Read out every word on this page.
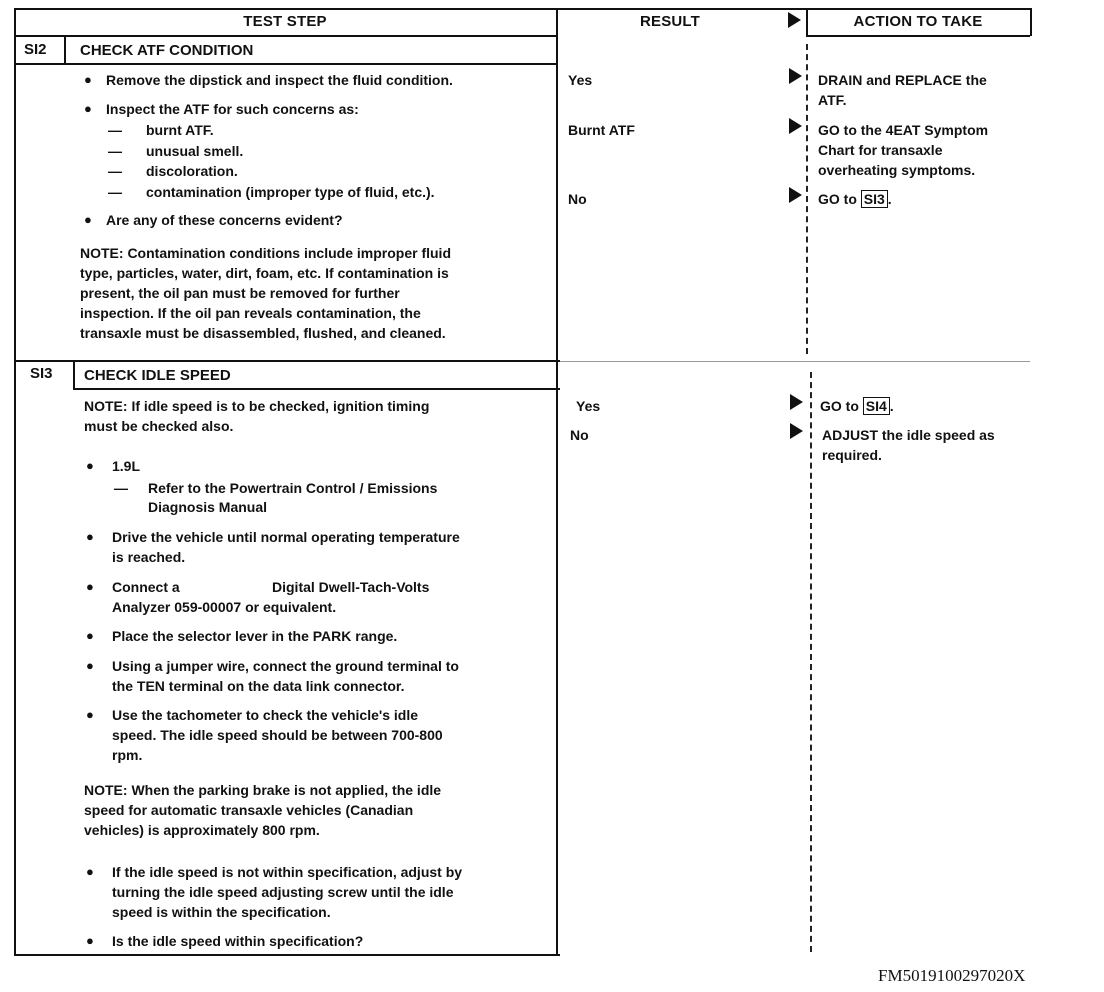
TEST STEP	RESULT	ACTION TO TAKE
SI2 CHECK ATF CONDITION
● Remove the dipstick and inspect the fluid condition.
● Inspect the ATF for such concerns as:
— burnt ATF.
— unusual smell.
— discoloration.
— contamination (improper type of fluid, etc.).
● Are any of these concerns evident?
NOTE: Contamination conditions include improper fluid
type, particles, water, dirt, foam, etc. If contamination is
present, the oil pan must be removed for further
inspection. If the oil pan reveals contamination, the
transaxle must be disassembled, flushed, and cleaned.
Yes	DRAIN and REPLACE the
ATF.
Burnt ATF	GO to the 4EAT Symptom
Chart for transaxle
overheating symptoms.
No	GO to SI3 .
SI3 CHECK IDLE SPEED
NOTE: If idle speed is to be checked, ignition timing
must be checked also.
● 1.9L
— Refer to the Powertrain Control / Emissions
Diagnosis Manual
● Drive the vehicle until normal operating temperature
is reached.
● Connect a	Digital Dwell-Tach-Volts
Analyzer 059-00007 or equivalent.
● Place the selector lever in the PARK range.
● Using a jumper wire, connect the ground terminal to
the TEN terminal on the data link connector.
● Use the tachometer to check the vehicle's idle
speed. The idle speed should be between 700-800
rpm.
NOTE: When the parking brake is not applied, the idle
speed for automatic transaxle vehicles (Canadian
vehicles) is approximately 800 rpm.
● If the idle speed is not within specification, adjust by
turning the idle speed adjusting screw until the idle
speed is within the specification.
● Is the idle speed within specification?
Yes	GO to SI4 .
No	ADJUST the idle speed as
required.
FM5019100297020X
